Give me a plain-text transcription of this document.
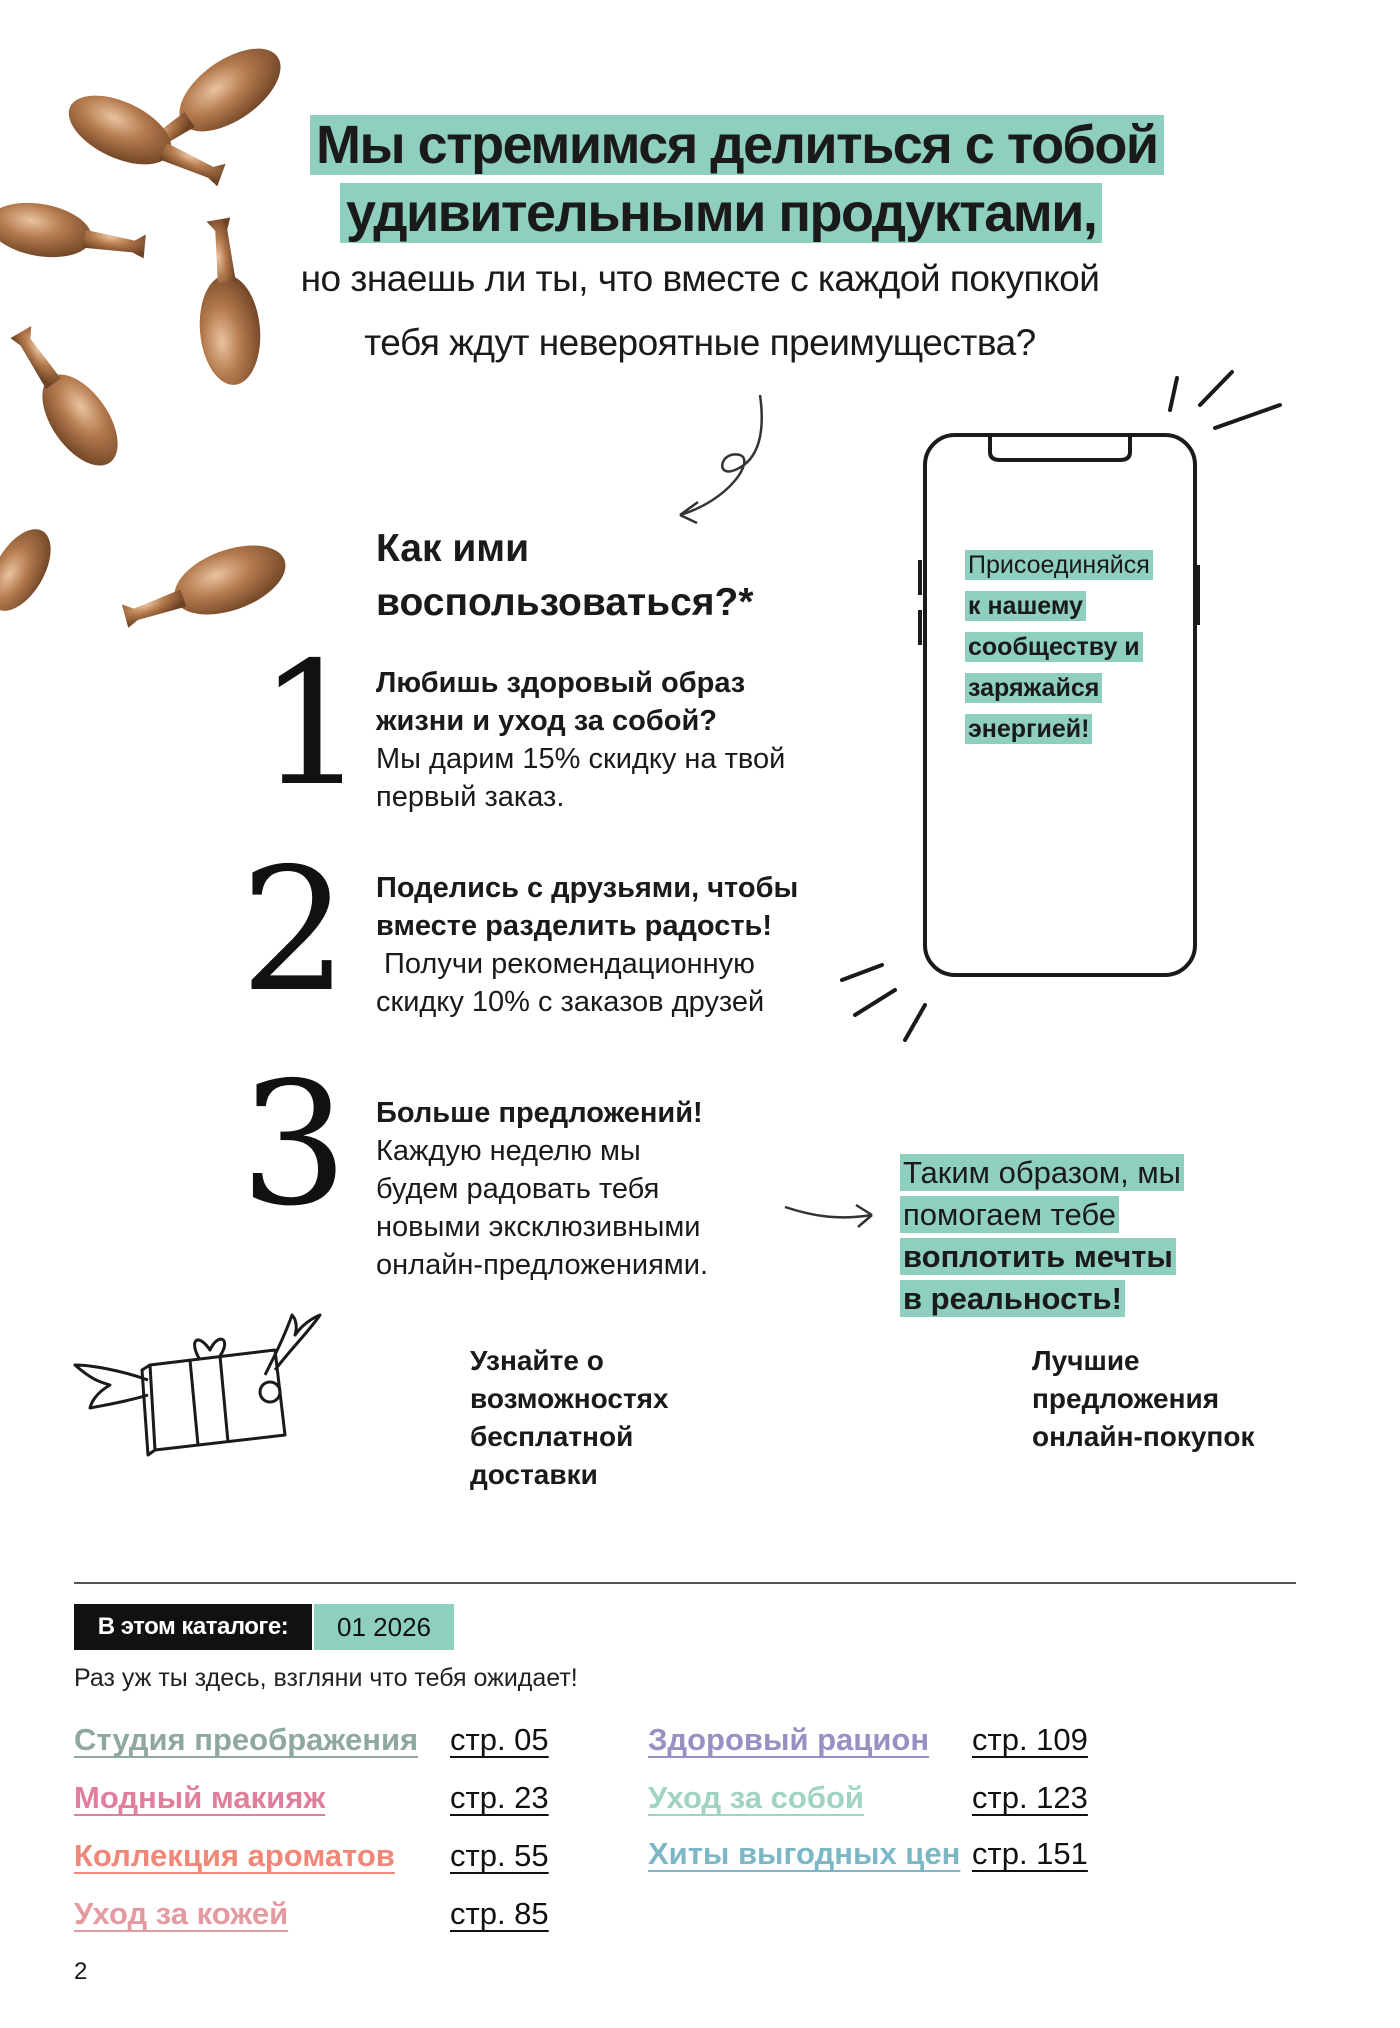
Мы стремимся делиться с тобой
удивительными продуктами,
но знаешь ли ты, что вместе с каждой покупкой
тебя ждут невероятные преимущества?
Как ими
воспользоваться?*
1 Любишь здоровый образ
жизни и уход за собой?
Мы дарим 15% скидку на твой
первый заказ.
2 Поделись с друзьями, чтобы
вместе разделить радость!
Получи рекомендационную
скидку 10% с заказов друзей
3 Больше предложений!
Каждую неделю мы
будем радовать тебя
новыми эксклюзивными
онлайн-предложениями.
Присоединяйся
к нашему
сообществу и
заряжайся
энергией!
Таким образом, мы
помогаем тебе
воплотить мечты
в реальность!
Узнайте о
возможностях
бесплатной
доставки
Лучшие
предложения
онлайн-покупок
В этом каталоге:	01 2026
Раз уж ты здесь, взгляни что тебя ожидает!
Студия преображения стр. 05
Модный макияж	стр. 23
Коллекция ароматов стр. 55
Уход за кожей	стр. 85
Здоровый рацион стр. 109
Уход за собой	стр. 123
Хиты выгодных цен стр. 151
2
